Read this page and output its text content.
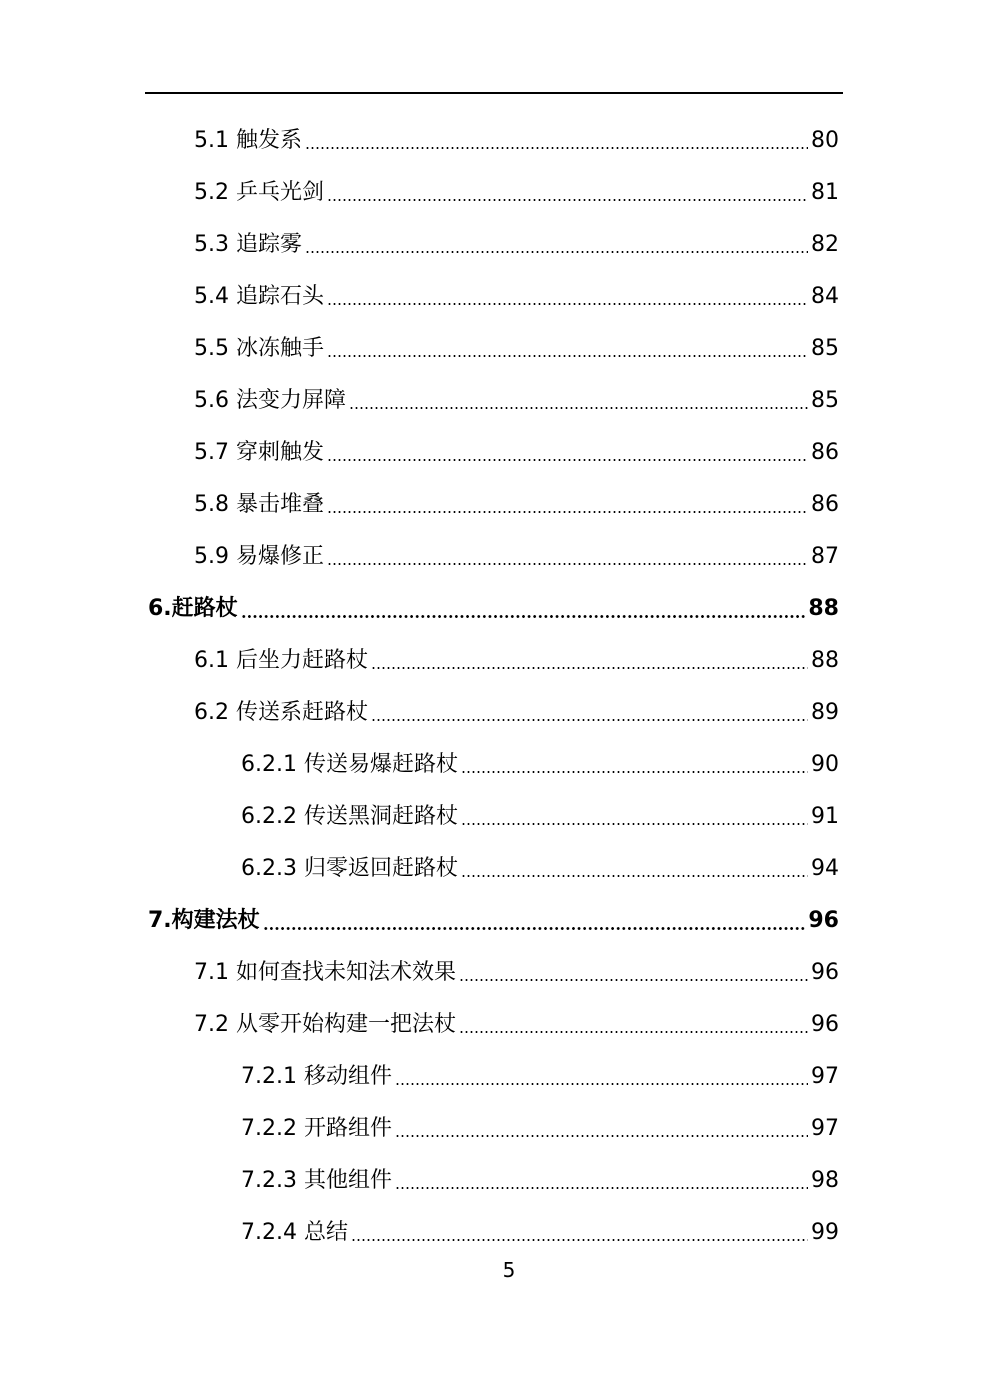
5.1 触发系	80
5.2 乒乓光剑	81
5.3 追踪雾	82
5.4 追踪石头	84
5.5 冰冻触手	85
5.6 法变力屏障	85
5.7 穿刺触发	86
5.8 暴击堆叠	86
5.9 易爆修正	87
6.赶路杖	88
6.1 后坐力赶路杖	88
6.2 传送系赶路杖	89
6.2.1 传送易爆赶路杖	90
6.2.2 传送黑洞赶路杖	91
6.2.3 归零返回赶路杖	94
7.构建法杖	96
7.1 如何查找未知法术效果	96
7.2 从零开始构建一把法杖	96
7.2.1 移动组件	97
7.2.2 开路组件	97
7.2.3 其他组件	98
7.2.4 总结	99
5
